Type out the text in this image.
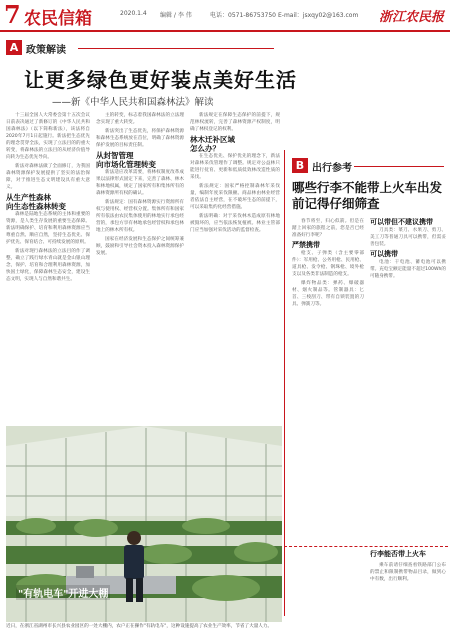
7 农民信箱	2020.1.4 编辑 / 李 伟	电话：0571-86753750 E-mail：jsxqy02@163.com 浙江农民报
A 政策解读
让更多绿色更好装点美好生活
——新《中华人民共和国森林法》解读

十三届全国人大常委会第十五次会议日前表决通过了新修订的《中华人民共和国森林法》（以下简称新法），该法将自2020年7月1日起施行。新法把生态优先的理念贯穿全法，实现了立法目的的重大转变，将森林法的立法目的从经济价值导向转为生态优先导向。

新法对森林法做了全面修订，为我国森林资源保护发展提供了坚实的法治保障，对于推进生态文明建设具有重大意义。

从生产性森林
向生态性森林转变

森林是陆地生态系统的主体和重要的资源，是人类生存发展的重要生态保障。新法明确保护、培育和利用森林资源应当尊重自然、顺应自然，坚持生态优先、保护优先、保育结合、可持续发展的原则。

新法对现行森林法的立法目的作了调整，确立了践行绿水青山就是金山银山理念，保护、培育和合理利用森林资源，加快国土绿化，保障森林生态安全，建设生态文明，实现人与自然和谐共生。

主的转变，标志着我国森林法的立法理念实现了重大转变。

新法突出了生态优先，将保护森林资源和森林生态系统放在首位，明确了森林资源保护发展的目标责任制。

从封智管理
向市场化管理转变

新法适应改革需要，将林权制度改革成果以法律形式固定下来，完善了森林、林木和林地权属，规定了国家所有和集体所有的森林资源所有权的确认。

新法规定：国有森林资源实行资源所有权与使用权、经营权分置。集体所有和国家所有依法由农民集体使用的林地实行承包经营的，承包方享有林地承包经营权和承包林地上的林木所有权。

国家在经济发展和生态保护之间统筹兼顾，鼓励和引导社会资本投入森林资源保护发展。

新法规定在保障生态保护的前提下，规范林权流转，完善了森林资源产权制度，明确了林权登记的权利。

林木迁补区域
怎么办？

在生态优先、保护优先的理念下，新法对森林采伐管理作了调整。规定对公益林只能进行抚育、更新和低质低效林改造性质的采伐。

新法规定：国家严格控制森林年采伐量，编制年度采伐限额。商品林由林业经营者依法自主经营，在不破坏生态的前提下，可以采取集约化经营措施。

新法明确：对于采伐林木造成原有林地被毁坏的，应当依法恢复植被。林业主管部门应当加强对采伐活动的监督检查。

"有轨电车"开进大棚
近日，在浙江省湖州市长兴县农业园区的一处大棚内，农户正在操作"有轨电车"，这种设施提高了农业生产效率，节省了大量人力。
B 出行参考
哪些行李不能带上火车出发前记得仔细筛查

春节将至，归心似箭。但是在踏上回家的旅程之前，您是否已经准备好行李呢？

严禁携带

枪支、子弹类（含主要零部件）：军用枪、公务用枪、民用枪、道具枪、发令枪、钢珠枪、境外枪支以及各类非法制造的枪支。

爆炸物品类：弹药、爆破器材、烟火制品等。管制器具：匕首、三棱刮刀、带有自锁装置的刀具、弹簧刀等。

可以带但不建议携带

刀具类：菜刀、水果刀、剪刀、美工刀等普通刀具可以携带，但需妥善包装。

可以携带

电池：干电池、蓄电池可以携带。充电宝额定能量不超过100Wh的可随身携带。

行李能否带上火车

乘车前请仔细查看铁路部门公布的禁止和限制携带物品目录，做到心中有数，出行顺利。
